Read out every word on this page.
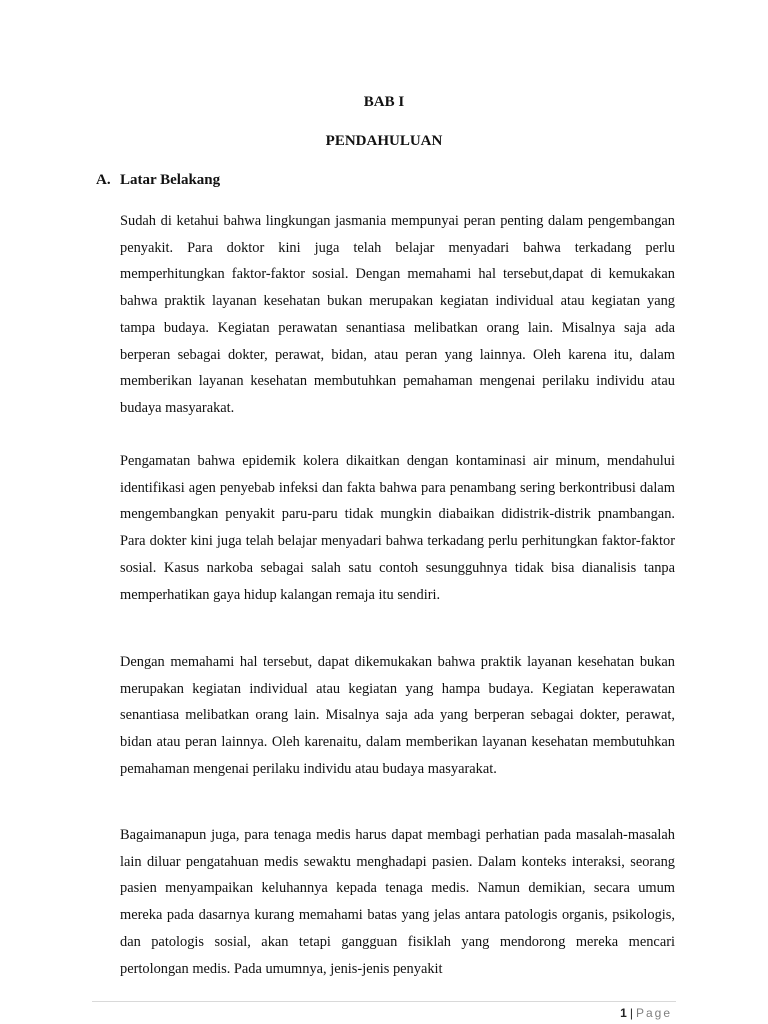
BAB I
PENDAHULUAN
A. Latar Belakang

Sudah di ketahui bahwa lingkungan jasmania mempunyai peran penting dalam pengembangan penyakit. Para doktor kini juga telah belajar menyadari bahwa terkadang perlu memperhitungkan faktor-faktor sosial. Dengan memahami hal tersebut,dapat di kemukakan bahwa praktik layanan kesehatan bukan merupakan kegiatan individual atau kegiatan yang tampa budaya. Kegiatan perawatan senantiasa melibatkan orang lain. Misalnya saja ada berperan sebagai dokter, perawat, bidan, atau peran yang lainnya. Oleh karena itu, dalam memberikan layanan kesehatan membutuhkan pemahaman mengenai perilaku individu atau budaya masyarakat.

Pengamatan bahwa epidemik kolera dikaitkan dengan kontaminasi air minum, mendahului identifikasi agen penyebab infeksi dan fakta bahwa para penambang sering berkontribusi dalam mengembangkan penyakit paru-paru tidak mungkin diabaikan didistrik-distrik pnambangan. Para dokter kini juga telah belajar menyadari bahwa terkadang perlu perhitungkan faktor-faktor sosial. Kasus narkoba sebagai salah satu contoh sesungguhnya tidak bisa dianalisis tanpa memperhatikan gaya hidup kalangan remaja itu sendiri.

Dengan memahami hal tersebut, dapat dikemukakan bahwa praktik layanan kesehatan bukan merupakan kegiatan individual atau kegiatan yang hampa budaya. Kegiatan keperawatan senantiasa melibatkan orang lain. Misalnya saja ada yang berperan sebagai dokter, perawat, bidan atau peran lainnya. Oleh karenaitu, dalam memberikan layanan kesehatan membutuhkan pemahaman mengenai perilaku individu atau budaya masyarakat.

Bagaimanapun juga, para tenaga medis harus dapat membagi perhatian pada masalah-masalah lain diluar pengatahuan medis sewaktu menghadapi pasien. Dalam konteks interaksi, seorang pasien menyampaikan keluhannya kepada tenaga medis. Namun demikian, secara umum mereka pada dasarnya kurang memahami batas yang jelas antara patologis organis, psikologis, dan patologis sosial, akan tetapi gangguan fisiklah yang mendorong mereka mencari pertolongan medis. Pada umumnya, jenis-jenis penyakit

1 | Page
